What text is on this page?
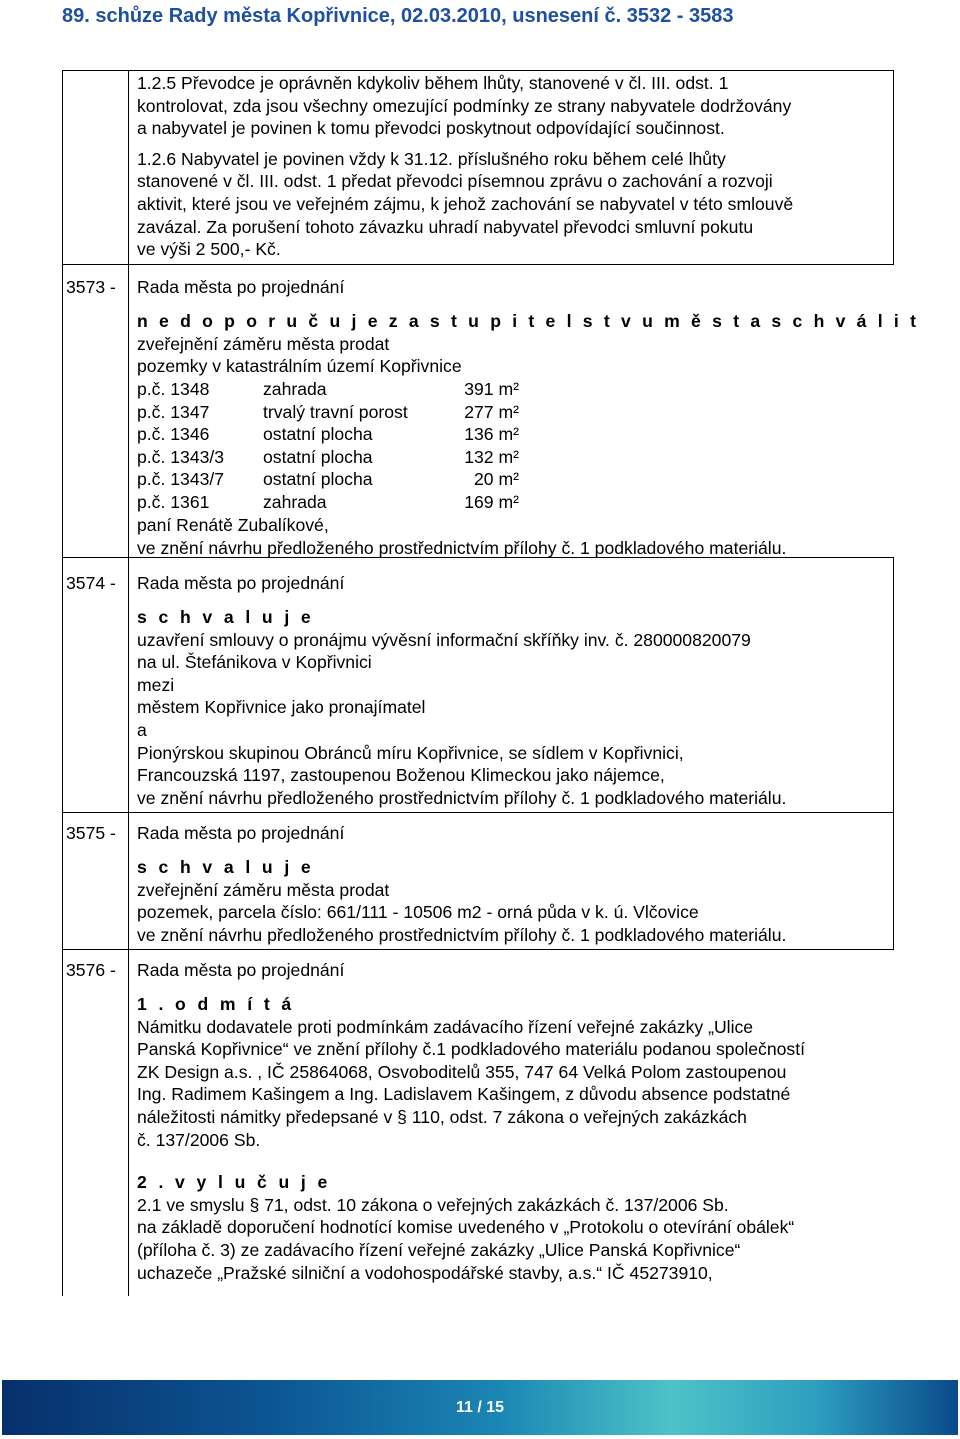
89. schůze Rady města Kopřivnice, 02.03.2010, usnesení č. 3532 - 3583
1.2.5 Převodce je oprávněn kdykoliv během lhůty, stanovené v čl. III. odst. 1
kontrolovat, zda jsou všechny omezující podmínky ze strany nabyvatele dodržovány
a nabyvatel je povinen k tomu převodci poskytnout odpovídající součinnost.
1.2.6 Nabyvatel je povinen vždy k 31.12. příslušného roku během celé lhůty
stanovené v čl. III. odst. 1 předat převodci písemnou zprávu o zachování a rozvoji
aktivit, které jsou ve veřejném zájmu, k jehož zachování se nabyvatel v této smlouvě
zavázal. Za porušení tohoto závazku uhradí nabyvatel převodci smluvní pokutu
ve výši 2 500,- Kč.
3573 - Rada města po projednání
n e d o p o r u č u j e z a s t u p i t e l s t v u m ě s t a s c h v á l i t
zveřejnění záměru města prodat
pozemky v katastrálním území Kopřivnice
p.č. 1348	zahrada	391 m²
p.č. 1347	trvalý travní porost	277 m²
p.č. 1346	ostatní plocha	136 m²
p.č. 1343/3 ostatní plocha	132 m²
p.č. 1343/7 ostatní plocha	20 m²
p.č. 1361	zahrada	169 m²
paní Renátě Zubalíkové,
ve znění návrhu předloženého prostřednictvím přílohy č. 1 podkladového materiálu.
3574 - Rada města po projednání
s c h v a l u j e
uzavření smlouvy o pronájmu vývěsní informační skříňky inv. č. 280000820079
na ul. Štefánikova v Kopřivnici
mezi
městem Kopřivnice jako pronajímatel
a
Pionýrskou skupinou Obránců míru Kopřivnice, se sídlem v Kopřivnici,
Francouzská 1197, zastoupenou Boženou Klimeckou jako nájemce,
ve znění návrhu předloženého prostřednictvím přílohy č. 1 podkladového materiálu.
3575 - Rada města po projednání
s c h v a l u j e
zveřejnění záměru města prodat
pozemek, parcela číslo: 661/111 - 10506 m2 - orná půda v k. ú. Vlčovice
ve znění návrhu předloženého prostřednictvím přílohy č. 1 podkladového materiálu.
3576 - Rada města po projednání
1 . o d m í t á
Námitku dodavatele proti podmínkám zadávacího řízení veřejné zakázky „Ulice
Panská Kopřivnice“ ve znění přílohy č.1 podkladového materiálu podanou společností
ZK Design a.s. , IČ 25864068, Osvoboditelů 355, 747 64 Velká Polom zastoupenou
Ing. Radimem Kašingem a Ing. Ladislavem Kašingem, z důvodu absence podstatné
náležitosti námitky předepsané v § 110, odst. 7 zákona o veřejných zakázkách
č. 137/2006 Sb.
2 . v y l u č u j e
2.1 ve smyslu § 71, odst. 10 zákona o veřejných zakázkách č. 137/2006 Sb.
na základě doporučení hodnotící komise uvedeného v „Protokolu o otevírání obálek“
(příloha č. 3) ze zadávacího řízení veřejné zakázky „Ulice Panská Kopřivnice“
uchazeče „Pražské silniční a vodohospodářské stavby, a.s.“ IČ 45273910,
11 / 15
